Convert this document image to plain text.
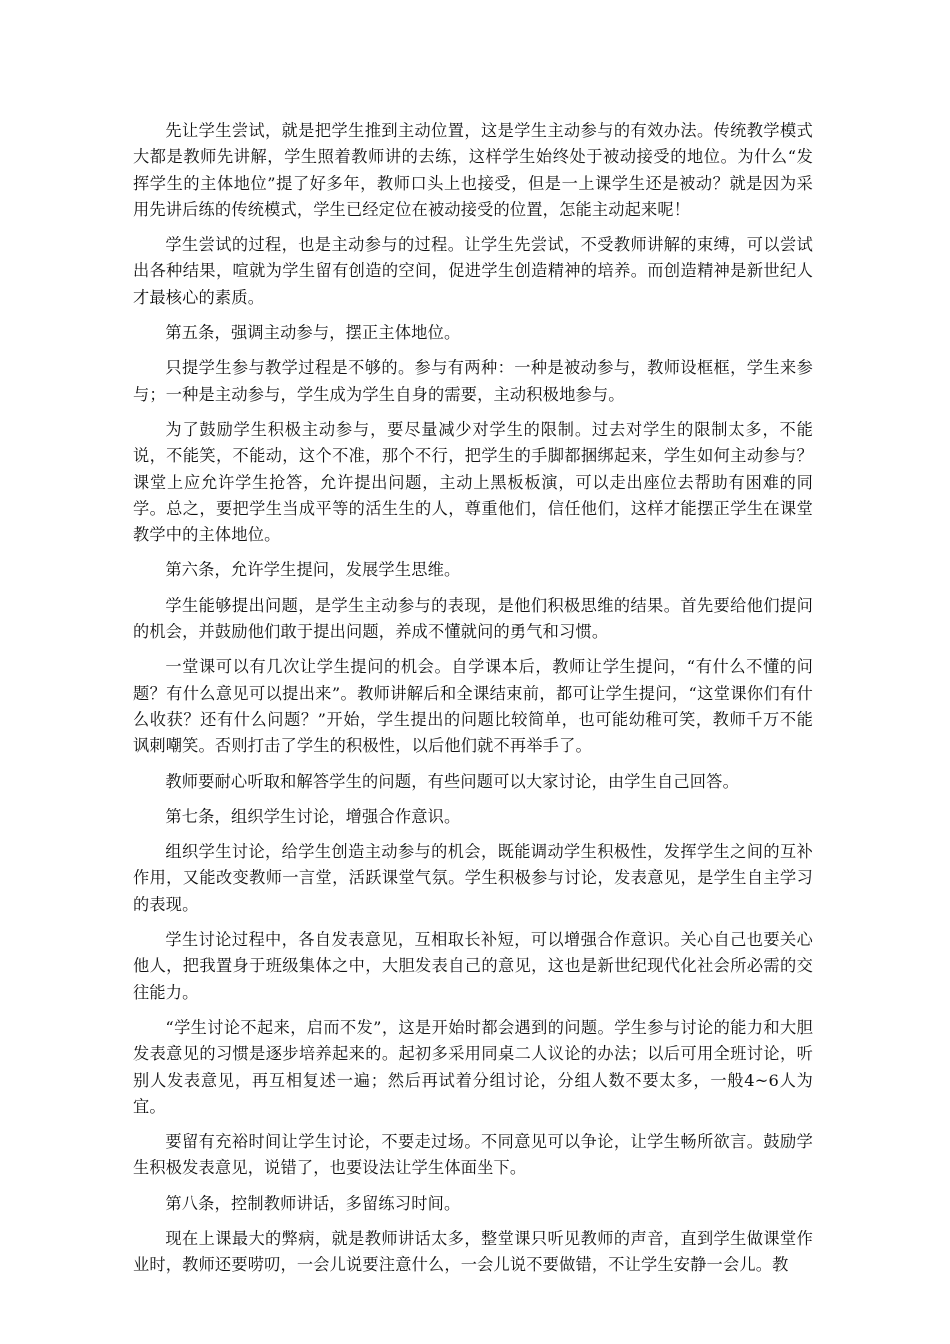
先让学生尝试，就是把学生推到主动位置，这是学生主动参与的有效办法。传统教学模式大都是教师先讲解，学生照着教师讲的去练，这样学生始终处于被动接受的地位。为什么“发挥学生的主体地位”提了好多年，教师口头上也接受，但是一上课学生还是被动？就是因为采用先讲后练的传统模式，学生已经定位在被动接受的位置，怎能主动起来呢！

学生尝试的过程，也是主动参与的过程。让学生先尝试，不受教师讲解的束缚，可以尝试出各种结果，喧就为学生留有创造的空间，促进学生创造精神的培养。而创造精神是新世纪人才最核心的素质。

第五条，强调主动参与，摆正主体地位。

只提学生参与教学过程是不够的。参与有两种：一种是被动参与，教师设框框，学生来参与；一种是主动参与，学生成为学生自身的需要，主动积极地参与。

为了鼓励学生积极主动参与，要尽量减少对学生的限制。过去对学生的限制太多，不能说，不能笑，不能动，这个不准，那个不行，把学生的手脚都捆绑起来，学生如何主动参与？课堂上应允许学生抢答，允许提出问题，主动上黑板板演，可以走出座位去帮助有困难的同学。总之，要把学生当成平等的活生生的人，尊重他们，信任他们，这样才能摆正学生在课堂教学中的主体地位。

第六条，允许学生提问，发展学生思维。

学生能够提出问题，是学生主动参与的表现，是他们积极思维的结果。首先要给他们提问的机会，并鼓励他们敢于提出问题，养成不懂就问的勇气和习惯。

一堂课可以有几次让学生提问的机会。自学课本后，教师让学生提问，“有什么不懂的问题？有什么意见可以提出来”。教师讲解后和全课结束前，都可让学生提问，“这堂课你们有什么收获？还有什么问题？”开始，学生提出的问题比较简单，也可能幼稚可笑，教师千万不能讽刺嘲笑。否则打击了学生的积极性，以后他们就不再举手了。

教师要耐心听取和解答学生的问题，有些问题可以大家讨论，由学生自己回答。

第七条，组织学生讨论，增强合作意识。

组织学生讨论，给学生创造主动参与的机会，既能调动学生积极性，发挥学生之间的互补作用，又能改变教师一言堂，活跃课堂气氛。学生积极参与讨论，发表意见，是学生自主学习的表现。

学生讨论过程中，各自发表意见，互相取长补短，可以增强合作意识。关心自己也要关心他人，把我置身于班级集体之中，大胆发表自己的意见，这也是新世纪现代化社会所必需的交往能力。

“学生讨论不起来，启而不发”，这是开始时都会遇到的问题。学生参与讨论的能力和大胆发表意见的习惯是逐步培养起来的。起初多采用同桌二人议论的办法；以后可用全班讨论，听别人发表意见，再互相复述一遍；然后再试着分组讨论，分组人数不要太多，一般4~6人为宜。

要留有充裕时间让学生讨论，不要走过场。不同意见可以争论，让学生畅所欲言。鼓励学生积极发表意见，说错了，也要设法让学生体面坐下。

第八条，控制教师讲话，多留练习时间。

现在上课最大的弊病，就是教师讲话太多，整堂课只听见教师的声音，直到学生做课堂作业时，教师还要唠叨，一会儿说要注意什么，一会儿说不要做错，不让学生安静一会儿。教
